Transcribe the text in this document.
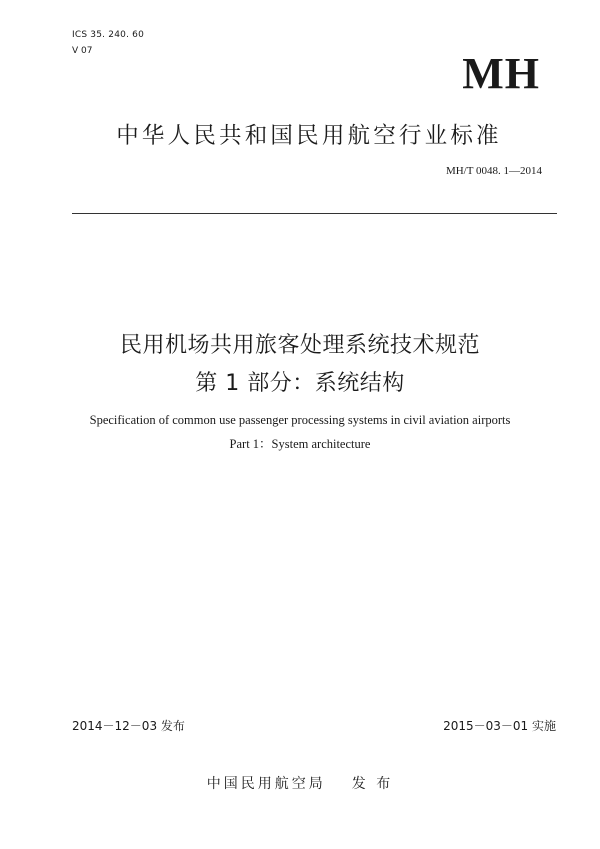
ICS 35. 240. 60
V 07	MH
中华人民共和国民用航空行业标准
MH/T 0048. 1—2014
民用机场共用旅客处理系统技术规范
第 1 部分：系统结构
Specification of common use passenger processing systems in civil aviation airports
Part 1：System architecture
2014－12－03 发布	2015－03－01 实施
中国民用航空局 发 布
